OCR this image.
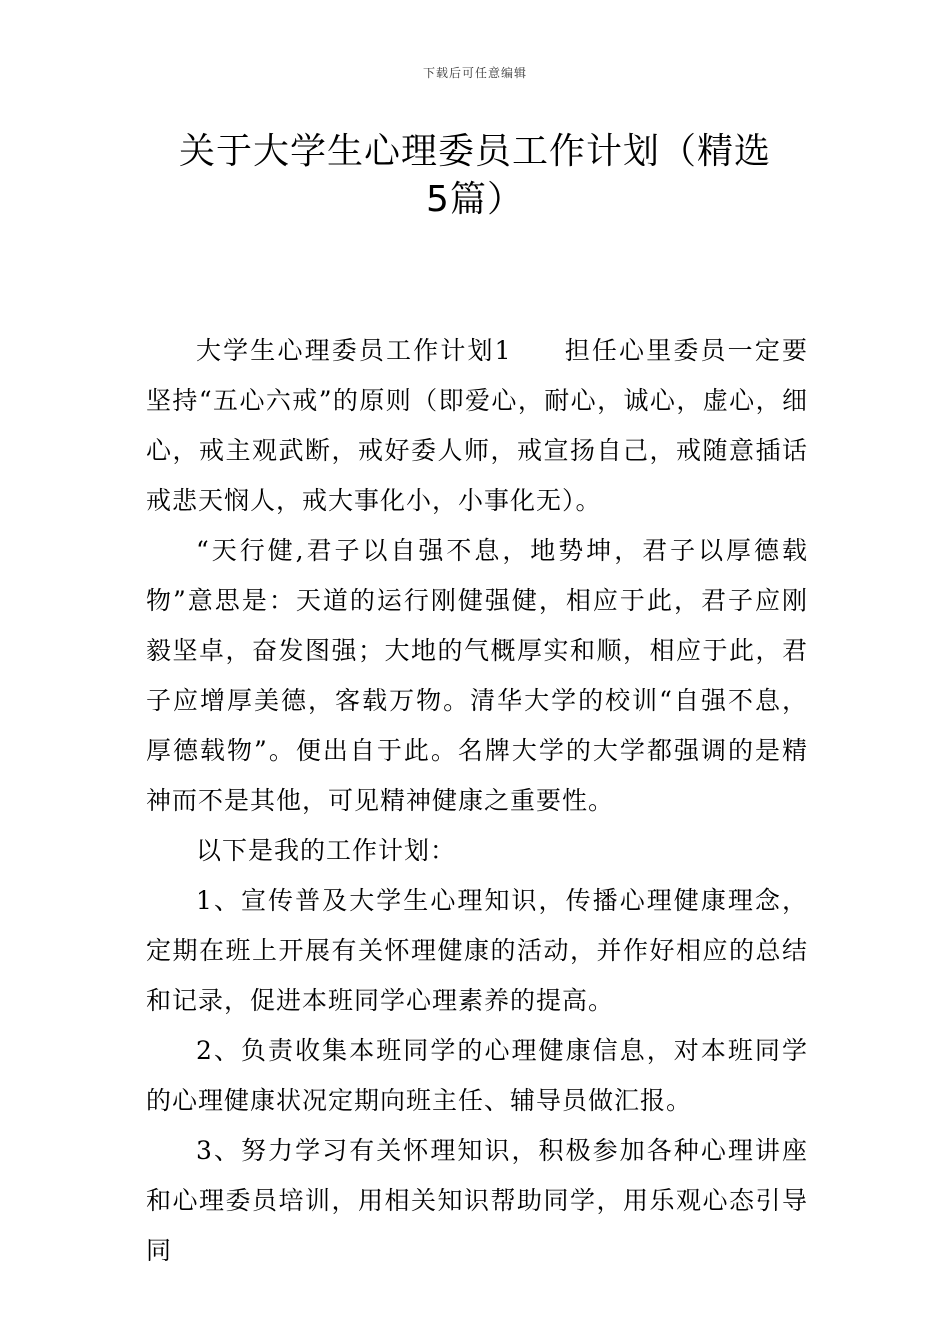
下载后可任意编辑
关于大学生心理委员工作计划（精选5篇）

大学生心理委员工作计划1 担任心里委员一定要坚持“五心六戒”的原则（即爱心，耐心，诚心，虚心，细心，戒主观武断，戒好委人师，戒宣扬自己，戒随意插话戒悲天悯人，戒大事化小，小事化无）。

“天行健,君子以自强不息，地势坤，君子以厚德载物”意思是：天道的运行刚健强健，相应于此，君子应刚毅坚卓，奋发图强；大地的气概厚实和顺，相应于此，君子应增厚美德，客载万物。清华大学的校训“自强不息，厚德载物”。便出自于此。名牌大学的大学都强调的是精神而不是其他，可见精神健康之重要性。

以下是我的工作计划：

1、宣传普及大学生心理知识，传播心理健康理念，定期在班上开展有关怀理健康的活动，并作好相应的总结和记录，促进本班同学心理素养的提高。

2、负责收集本班同学的心理健康信息，对本班同学的心理健康状况定期向班主任、辅导员做汇报。

3、努力学习有关怀理知识，积极参加各种心理讲座和心理委员培训，用相关知识帮助同学，用乐观心态引导同
